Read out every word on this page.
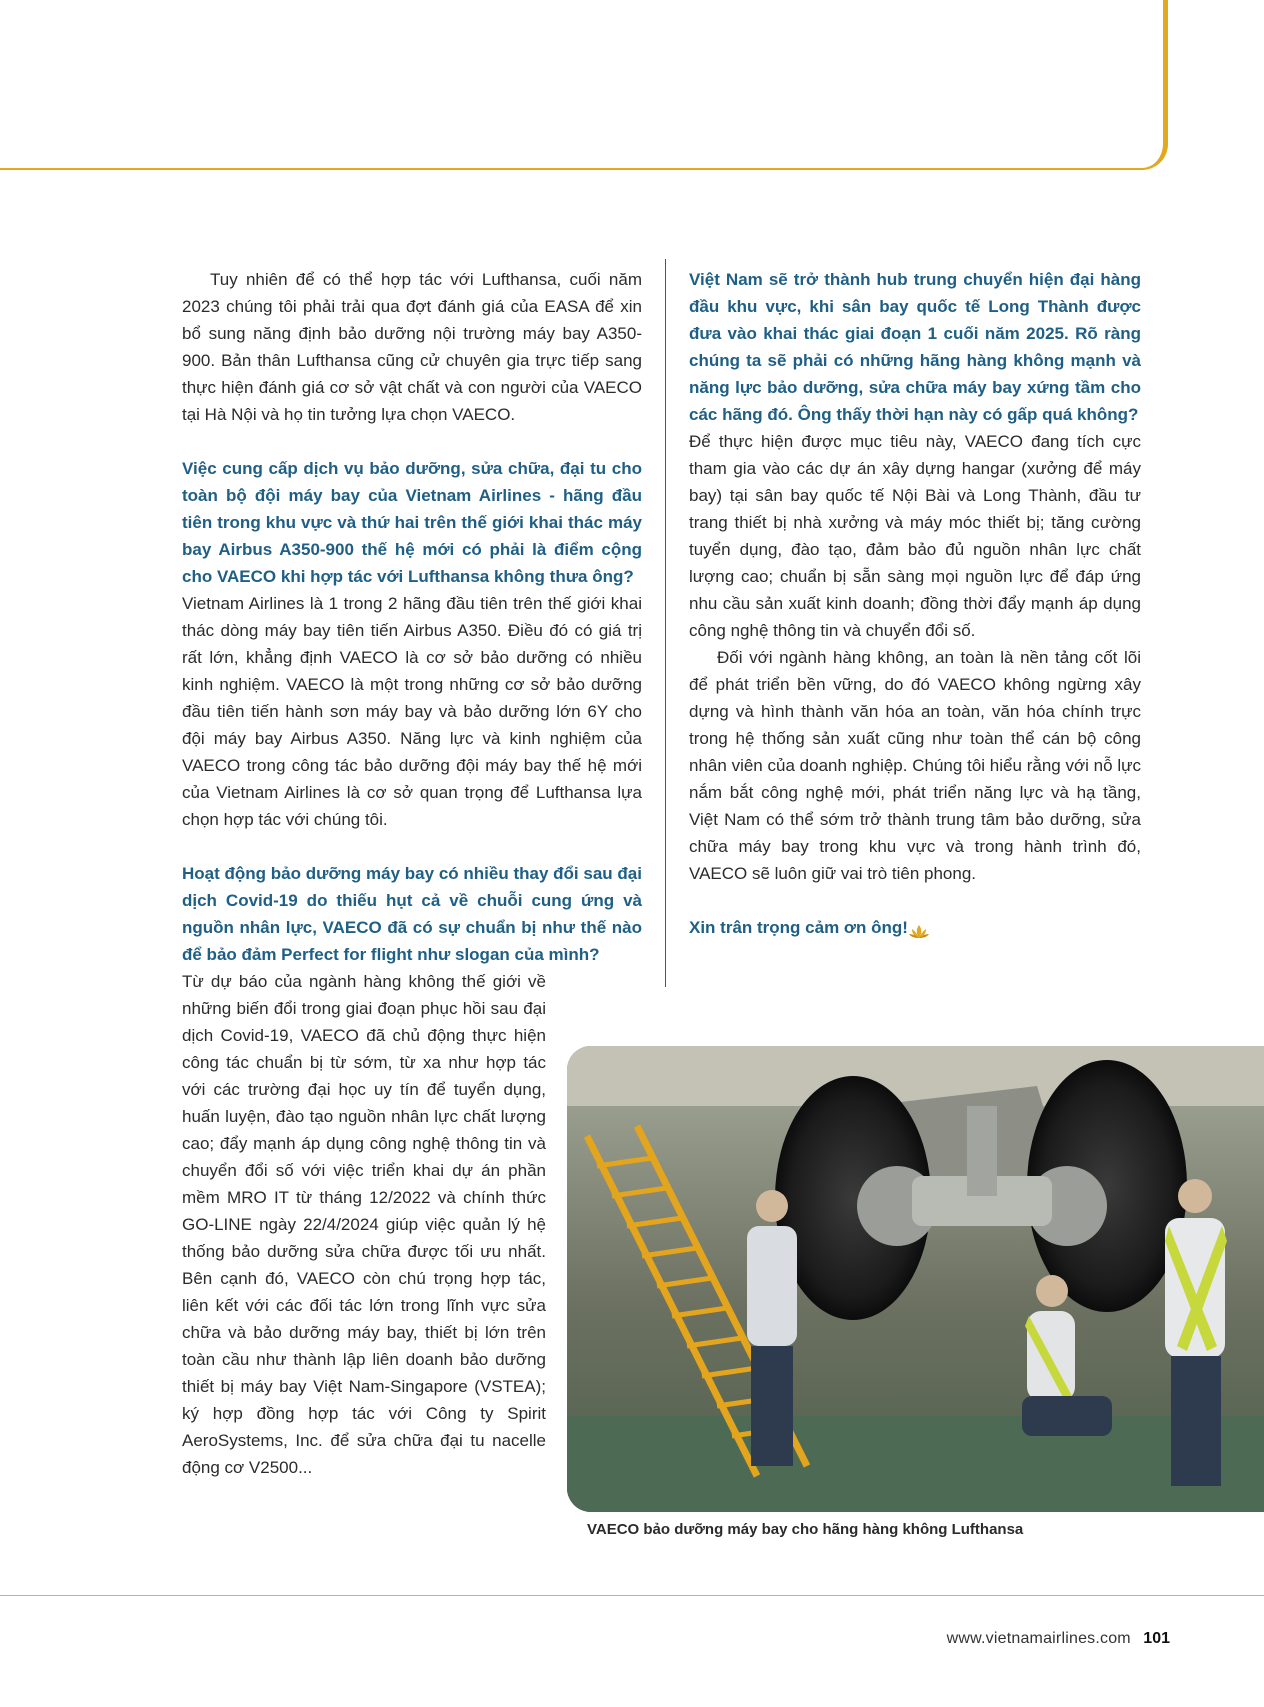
Tuy nhiên để có thể hợp tác với Lufthansa, cuối năm 2023 chúng tôi phải trải qua đợt đánh giá của EASA để xin bổ sung năng định bảo dưỡng nội trường máy bay A350-900. Bản thân Lufthansa cũng cử chuyên gia trực tiếp sang thực hiện đánh giá cơ sở vật chất và con người của VAECO tại Hà Nội và họ tin tưởng lựa chọn VAECO.

Việc cung cấp dịch vụ bảo dưỡng, sửa chữa, đại tu cho toàn bộ đội máy bay của Vietnam Airlines - hãng đầu tiên trong khu vực và thứ hai trên thế giới khai thác máy bay Airbus A350-900 thế hệ mới có phải là điểm cộng cho VAECO khi hợp tác với Lufthansa không thưa ông?

Vietnam Airlines là 1 trong 2 hãng đầu tiên trên thế giới khai thác dòng máy bay tiên tiến Airbus A350. Điều đó có giá trị rất lớn, khẳng định VAECO là cơ sở bảo dưỡng có nhiều kinh nghiệm. VAECO là một trong những cơ sở bảo dưỡng đầu tiên tiến hành sơn máy bay và bảo dưỡng lớn 6Y cho đội máy bay Airbus A350. Năng lực và kinh nghiệm của VAECO trong công tác bảo dưỡng đội máy bay thế hệ mới của Vietnam Airlines là cơ sở quan trọng để Lufthansa lựa chọn hợp tác với chúng tôi.

Hoạt động bảo dưỡng máy bay có nhiều thay đổi sau đại dịch Covid-19 do thiếu hụt cả về chuỗi cung ứng và nguồn nhân lực, VAECO đã có sự chuẩn bị như thế nào để bảo đảm Perfect for flight như slogan của mình?

Từ dự báo của ngành hàng không thế giới về những biến đổi trong giai đoạn phục hồi sau đại dịch Covid-19, VAECO đã chủ động thực hiện công tác chuẩn bị từ sớm, từ xa như hợp tác với các trường đại học uy tín để tuyển dụng, huấn luyện, đào tạo nguồn nhân lực chất lượng cao; đẩy mạnh áp dụng công nghệ thông tin và chuyển đổi số với việc triển khai dự án phần mềm MRO IT từ tháng 12/2022 và chính thức GO-LINE ngày 22/4/2024 giúp việc quản lý hệ thống bảo dưỡng sửa chữa được tối ưu nhất. Bên cạnh đó, VAECO còn chú trọng hợp tác, liên kết với các đối tác lớn trong lĩnh vực sửa chữa và bảo dưỡng máy bay, thiết bị lớn trên toàn cầu như thành lập liên doanh bảo dưỡng thiết bị máy bay Việt Nam-Singapore (VSTEA); ký hợp đồng hợp tác với Công ty Spirit AeroSystems, Inc. để sửa chữa đại tu nacelle động cơ V2500...

Việt Nam sẽ trở thành hub trung chuyển hiện đại hàng đầu khu vực, khi sân bay quốc tế Long Thành được đưa vào khai thác giai đoạn 1 cuối năm 2025. Rõ ràng chúng ta sẽ phải có những hãng hàng không mạnh và năng lực bảo dưỡng, sửa chữa máy bay xứng tầm cho các hãng đó. Ông thấy thời hạn này có gấp quá không?

Để thực hiện được mục tiêu này, VAECO đang tích cực tham gia vào các dự án xây dựng hangar (xưởng để máy bay) tại sân bay quốc tế Nội Bài và Long Thành, đầu tư trang thiết bị nhà xưởng và máy móc thiết bị; tăng cường tuyển dụng, đào tạo, đảm bảo đủ nguồn nhân lực chất lượng cao; chuẩn bị sẵn sàng mọi nguồn lực để đáp ứng nhu cầu sản xuất kinh doanh; đồng thời đẩy mạnh áp dụng công nghệ thông tin và chuyển đổi số.

Đối với ngành hàng không, an toàn là nền tảng cốt lõi để phát triển bền vững, do đó VAECO không ngừng xây dựng và hình thành văn hóa an toàn, văn hóa chính trực trong hệ thống sản xuất cũng như toàn thể cán bộ công nhân viên của doanh nghiệp. Chúng tôi hiểu rằng với nỗ lực nắm bắt công nghệ mới, phát triển năng lực và hạ tầng, Việt Nam có thể sớm trở thành trung tâm bảo dưỡng, sửa chữa máy bay trong khu vực và trong hành trình đó, VAECO sẽ luôn giữ vai trò tiên phong.

Xin trân trọng cảm ơn ông!

VAECO bảo dưỡng máy bay cho hãng hàng không Lufthansa
www.vietnamairlines.com 101
